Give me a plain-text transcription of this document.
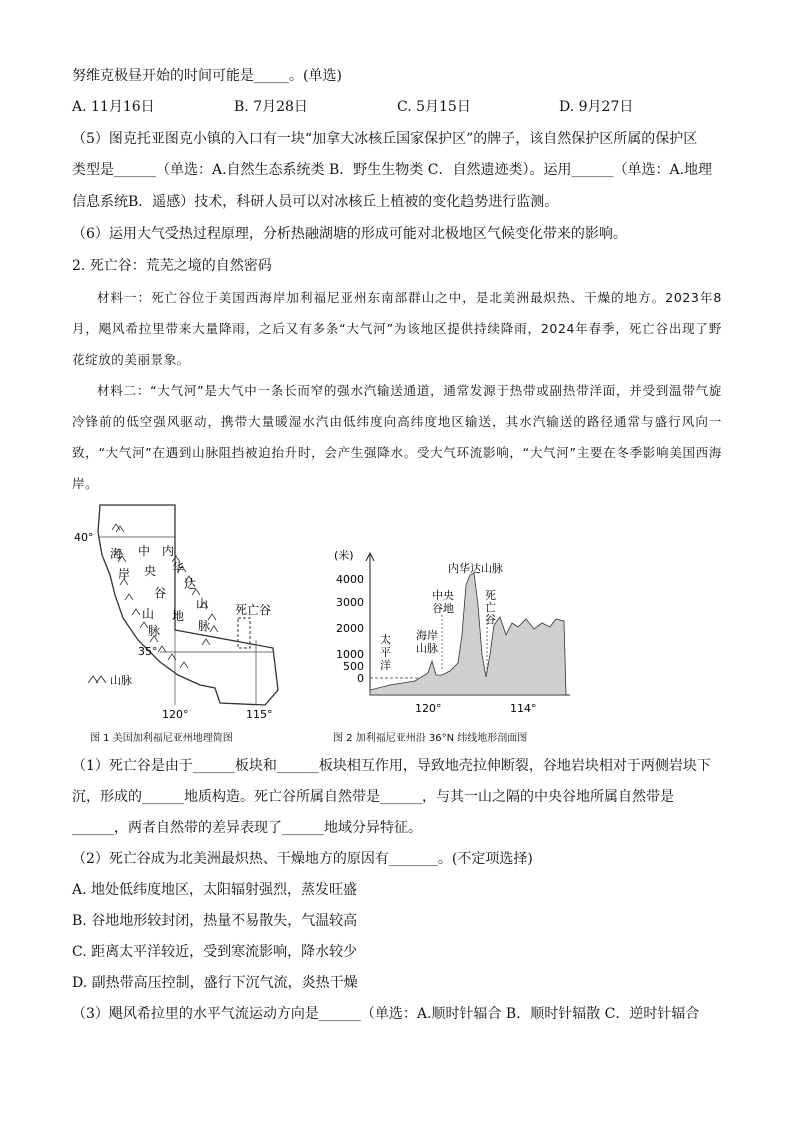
努维克极昼开始的时间可能是_____。(单选)
A. 11月16日	B. 7月28日	C. 5月15日	D. 9月27日
（5）图克托亚图克小镇的入口有一块“加拿大冰核丘国家保护区”的牌子，该自然保护区所属的保护区
类型是______（单选：A.自然生态系统类 B．野生生物类 C．自然遗迹类）。运用______（单选：A.地理
信息系统B．遥感）技术，科研人员可以对冰核丘上植被的变化趋势进行监测。
（6）运用大气受热过程原理，分析热融湖塘的形成可能对北极地区气候变化带来的影响。
2. 死亡谷：荒芜之境的自然密码

材料一：死亡谷位于美国西海岸加利福尼亚州东南部群山之中，是北美洲最炽热、干燥的地方。2023年8月，飓风希拉里带来大量降雨，之后又有多条“大气河”为该地区提供持续降雨，2024年春季，死亡谷出现了野花绽放的美丽景象。

材料二：“大气河”是大气中一条长而窄的强水汽输送通道，通常发源于热带或副热带洋面，并受到温带气旋冷锋前的低空强风驱动，携带大量暖湿水汽由低纬度向高纬度地区输送，其水汽输送的路径通常与盛行风向一致，“大气河”在遇到山脉阻挡被迫抬升时，会产生强降水。受大气环流影响，“大气河”主要在冬季影响美国西海岸。

40°
35°
120°	115°
海
岸
中
央
谷
地
山
脉
内
华
达
山
脉
死亡谷
山脉
图 1 美国加利福尼亚州地理简图
(米)
4000
3000
2000
1000
500
0
120°	114°
太
平
洋
海岸
山脉
中央
谷地
内华达山脉
死
亡
谷
图 2 加利福尼亚州沿 36°N 纬线地形剖面图
（1）死亡谷是由于______板块和______板块相互作用，导致地壳拉伸断裂，谷地岩块相对于两侧岩块下
沉，形成的______地质构造。死亡谷所属自然带是______，与其一山之隔的中央谷地所属自然带是
______，两者自然带的差异表现了______地域分异特征。
（2）死亡谷成为北美洲最炽热、干燥地方的原因有_______。(不定项选择)
A. 地处低纬度地区，太阳辐射强烈，蒸发旺盛
B. 谷地地形较封闭，热量不易散失，气温较高
C. 距离太平洋较近，受到寒流影响，降水较少
D. 副热带高压控制，盛行下沉气流，炎热干燥
（3）飓风希拉里的水平气流运动方向是______（单选：A.顺时针辐合 B．顺时针辐散 C．逆时针辐合
